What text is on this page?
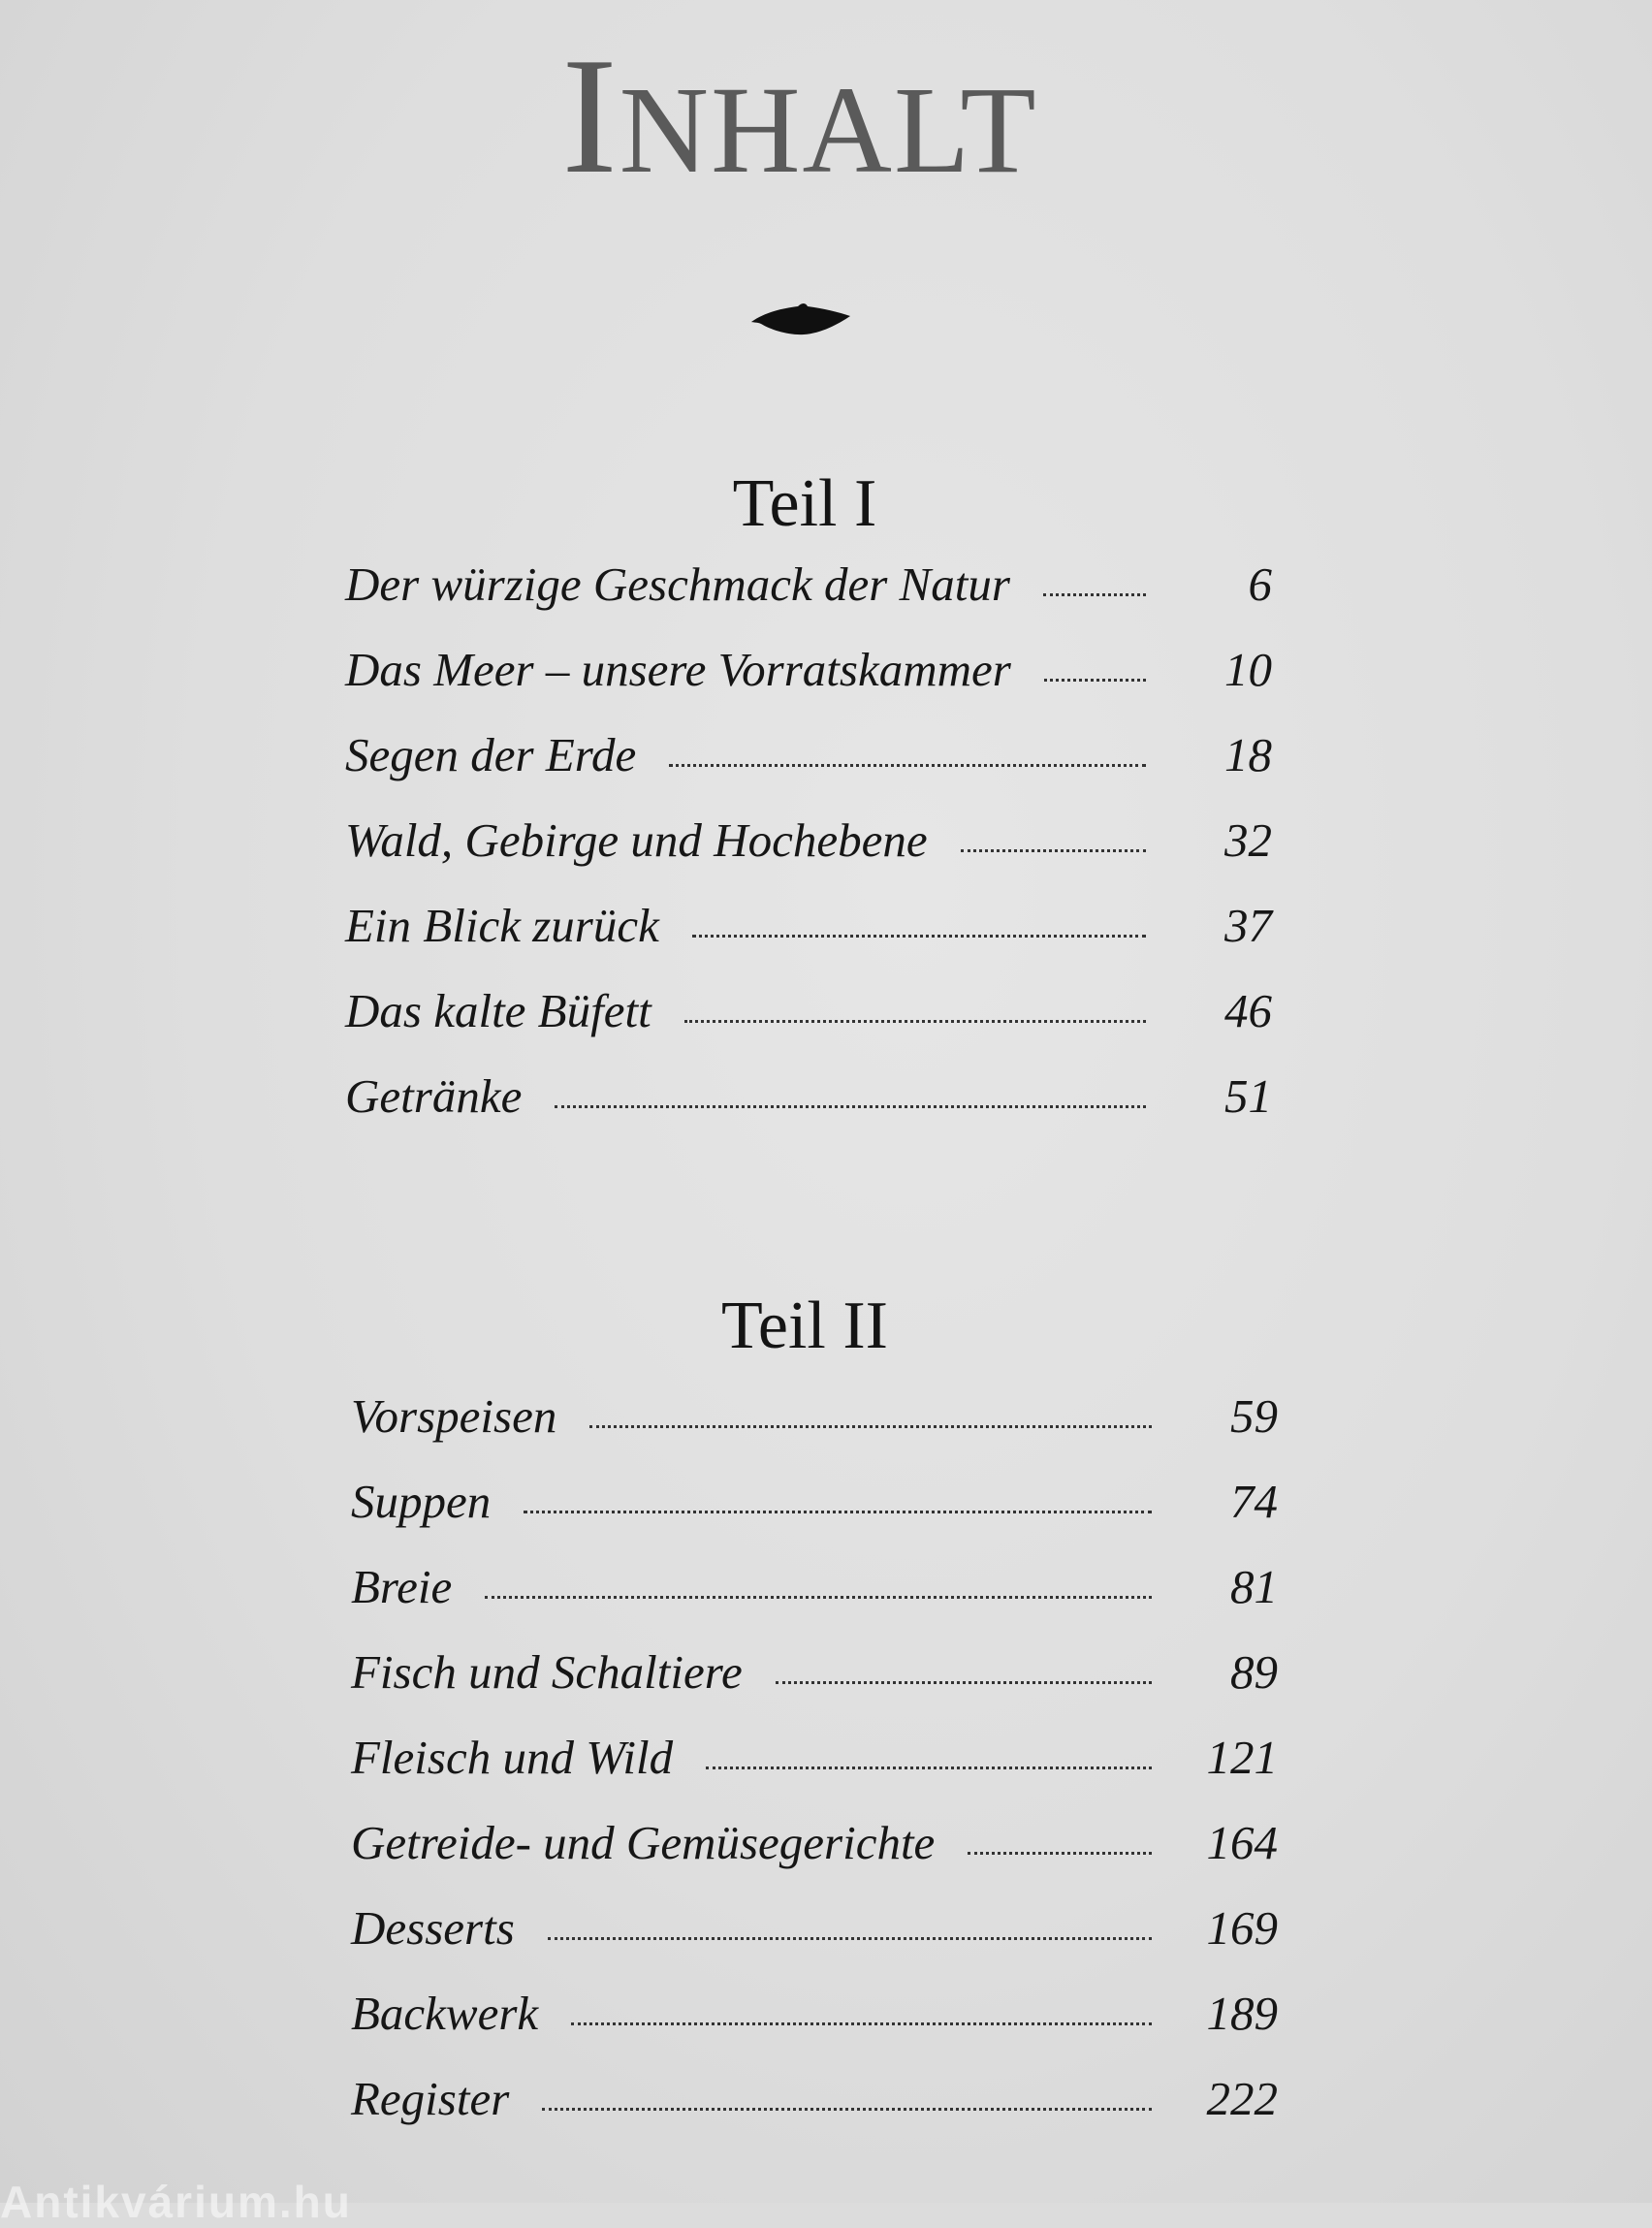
INHALT
Teil I
Der würzige Geschmack der Natur	6
Das Meer – unsere Vorratskammer	10
Segen der Erde	18
Wald, Gebirge und Hochebene	32
Ein Blick zurück	37
Das kalte Büfett	46
Getränke	51
Teil II
Vorspeisen	59
Suppen	74
Breie	81
Fisch und Schaltiere	89
Fleisch und Wild	121
Getreide- und Gemüsegerichte	164
Desserts	169
Backwerk	189
Register	222
Antikvárium.hu
